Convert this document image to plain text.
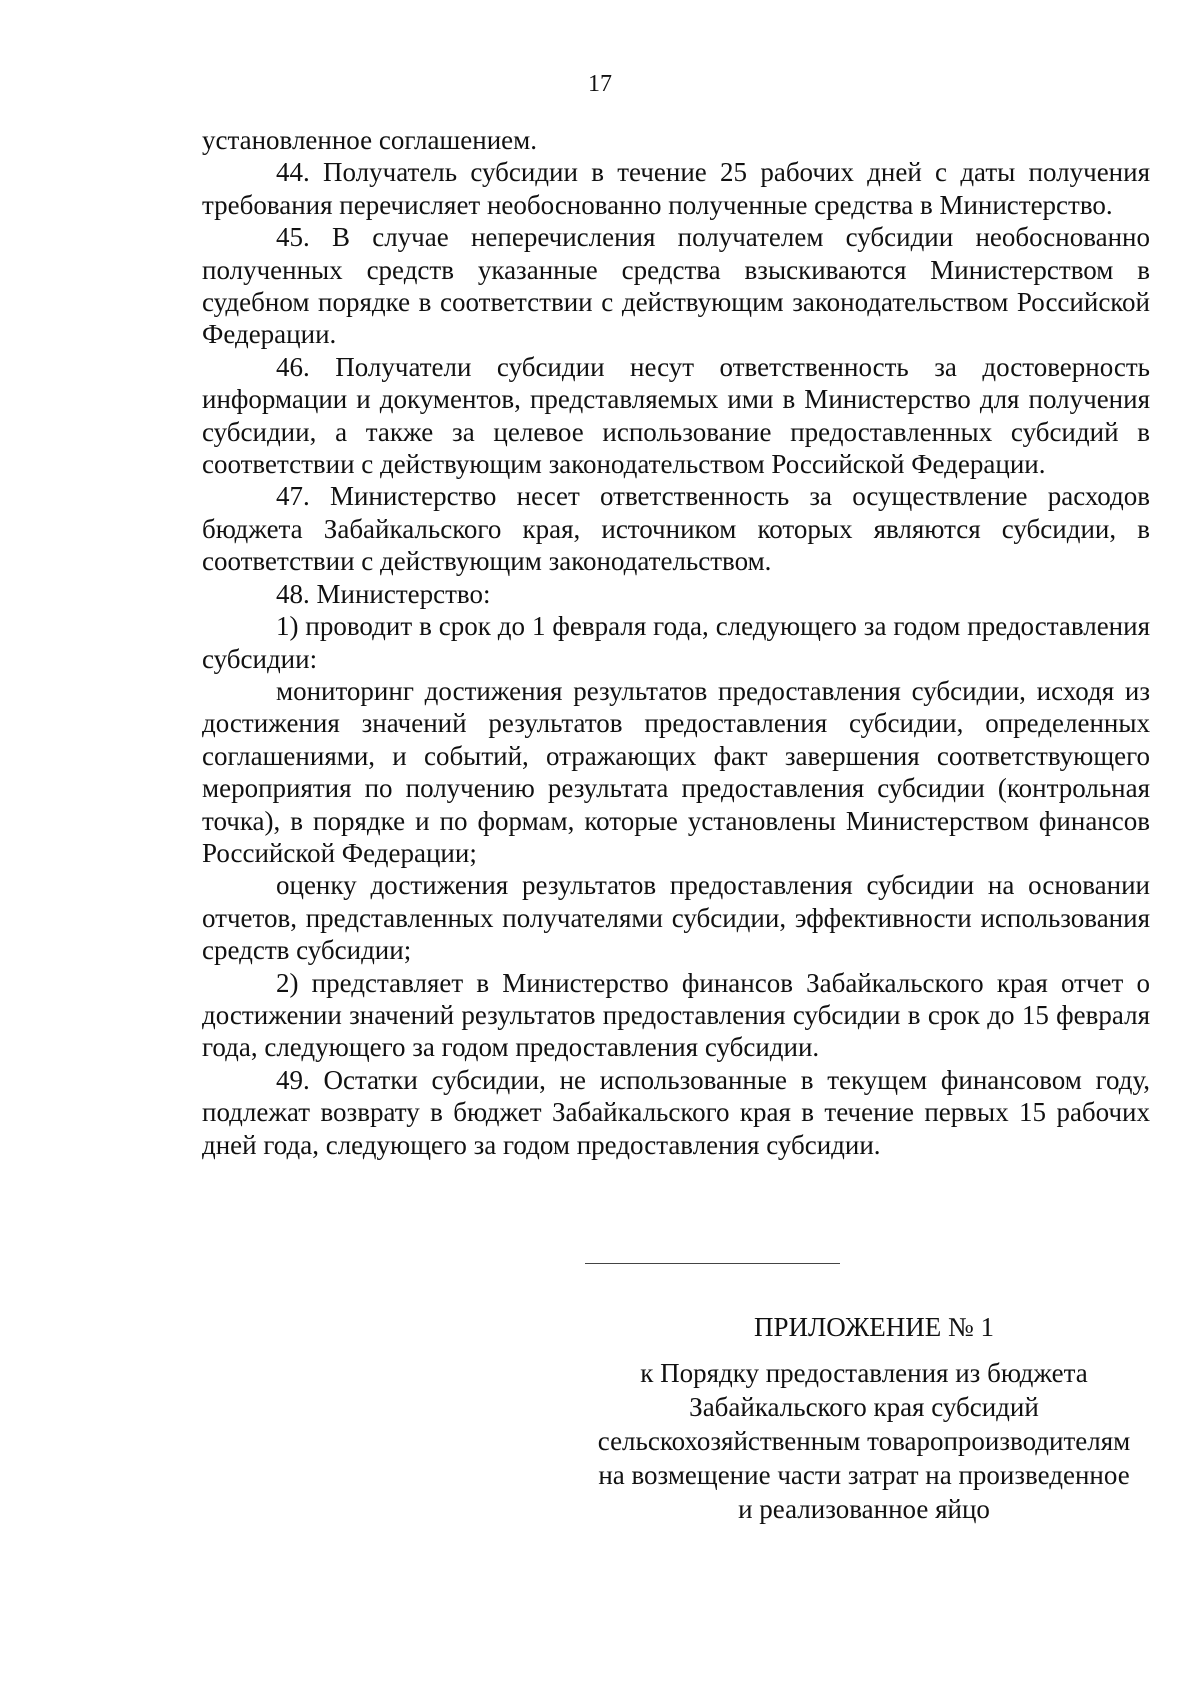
17

установленное соглашением.

44. Получатель субсидии в течение 25 рабочих дней с даты получения требования перечисляет необоснованно полученные средства в Министерство.

45. В случае неперечисления получателем субсидии необоснованно полученных средств указанные средства взыскиваются Министерством в судебном порядке в соответствии с действующим законодательством Российской Федерации.

46. Получатели субсидии несут ответственность за достоверность информации и документов, представляемых ими в Министерство для получения субсидии, а также за целевое использование предоставленных субсидий в соответствии с действующим законодательством Российской Федерации.

47. Министерство несет ответственность за осуществление расходов бюджета Забайкальского края, источником которых являются субсидии, в соответствии с действующим законодательством.

48. Министерство:

1) проводит в срок до 1 февраля года, следующего за годом предоставления субсидии:

мониторинг достижения результатов предоставления субсидии, исходя из достижения значений результатов предоставления субсидии, определенных соглашениями, и событий, отражающих факт завершения соответствующего мероприятия по получению результата предоставления субсидии (контрольная точка), в порядке и по формам, которые установлены Министерством финансов Российской Федерации;

оценку достижения результатов предоставления субсидии на основании отчетов, представленных получателями субсидии, эффективности использования средств субсидии;

2) представляет в Министерство финансов Забайкальского края отчет о достижении значений результатов предоставления субсидии в срок до 15 февраля года, следующего за годом предоставления субсидии.

49. Остатки субсидии, не использованные в текущем финансовом году, подлежат возврату в бюджет Забайкальского края в течение первых 15 рабочих дней года, следующего за годом предоставления субсидии.

ПРИЛОЖЕНИЕ № 1
к Порядку предоставления из бюджета
Забайкальского края субсидий
сельскохозяйственным товаропроизводителям
на возмещение части затрат на произведенное
и реализованное яйцо
